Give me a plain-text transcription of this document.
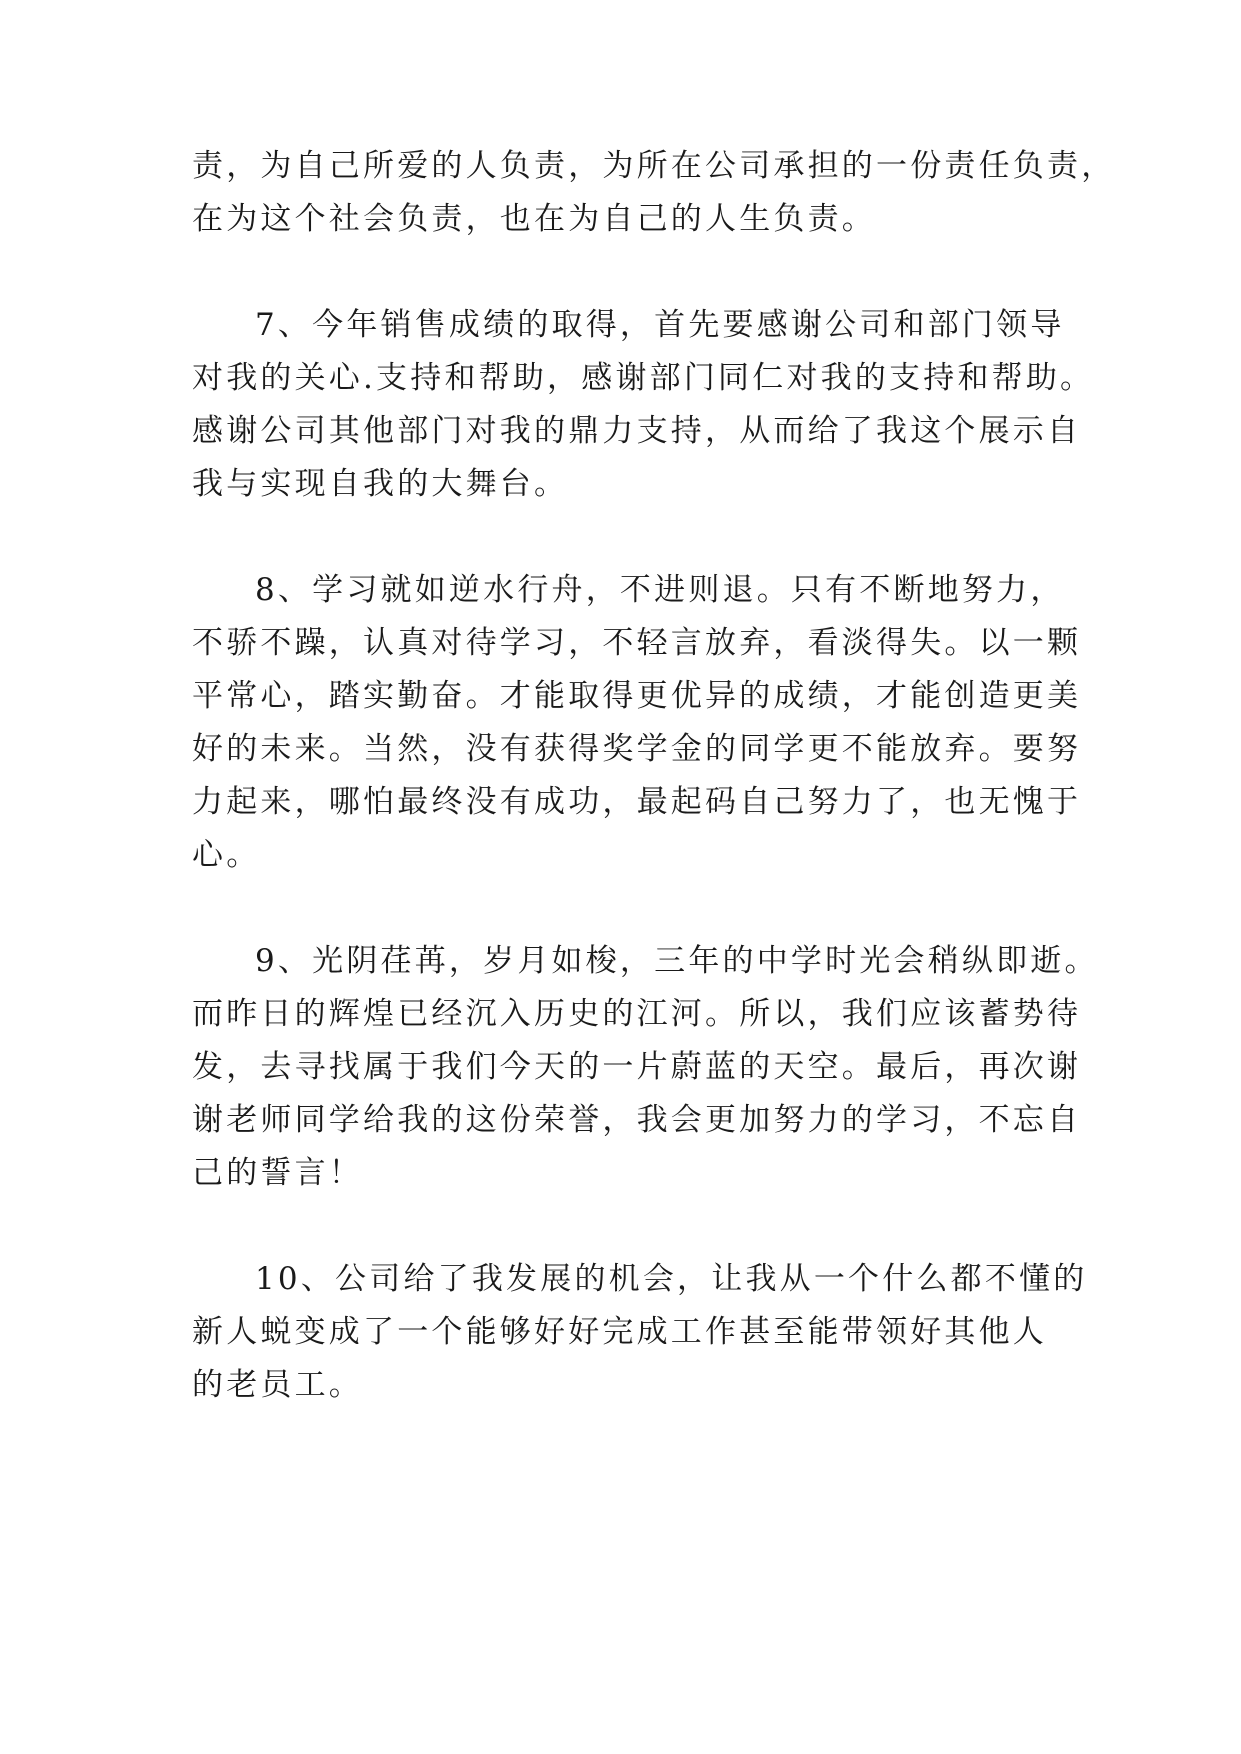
责，为自己所爱的人负责，为所在公司承担的一份责任负责，
在为这个社会负责，也在为自己的人生负责。
7、今年销售成绩的取得，首先要感谢公司和部门领导
对我的关心.支持和帮助，感谢部门同仁对我的支持和帮助。
感谢公司其他部门对我的鼎力支持，从而给了我这个展示自
我与实现自我的大舞台。
8、学习就如逆水行舟，不进则退。只有不断地努力，
不骄不躁，认真对待学习，不轻言放弃，看淡得失。以一颗
平常心，踏实勤奋。才能取得更优异的成绩，才能创造更美
好的未来。当然，没有获得奖学金的同学更不能放弃。要努
力起来，哪怕最终没有成功，最起码自己努力了，也无愧于
心。
9、光阴荏苒，岁月如梭，三年的中学时光会稍纵即逝。
而昨日的辉煌已经沉入历史的江河。所以，我们应该蓄势待
发，去寻找属于我们今天的一片蔚蓝的天空。最后，再次谢
谢老师同学给我的这份荣誉，我会更加努力的学习，不忘自
己的誓言！
10、公司给了我发展的机会，让我从一个什么都不懂的
新人蜕变成了一个能够好好完成工作甚至能带领好其他人
的老员工。
